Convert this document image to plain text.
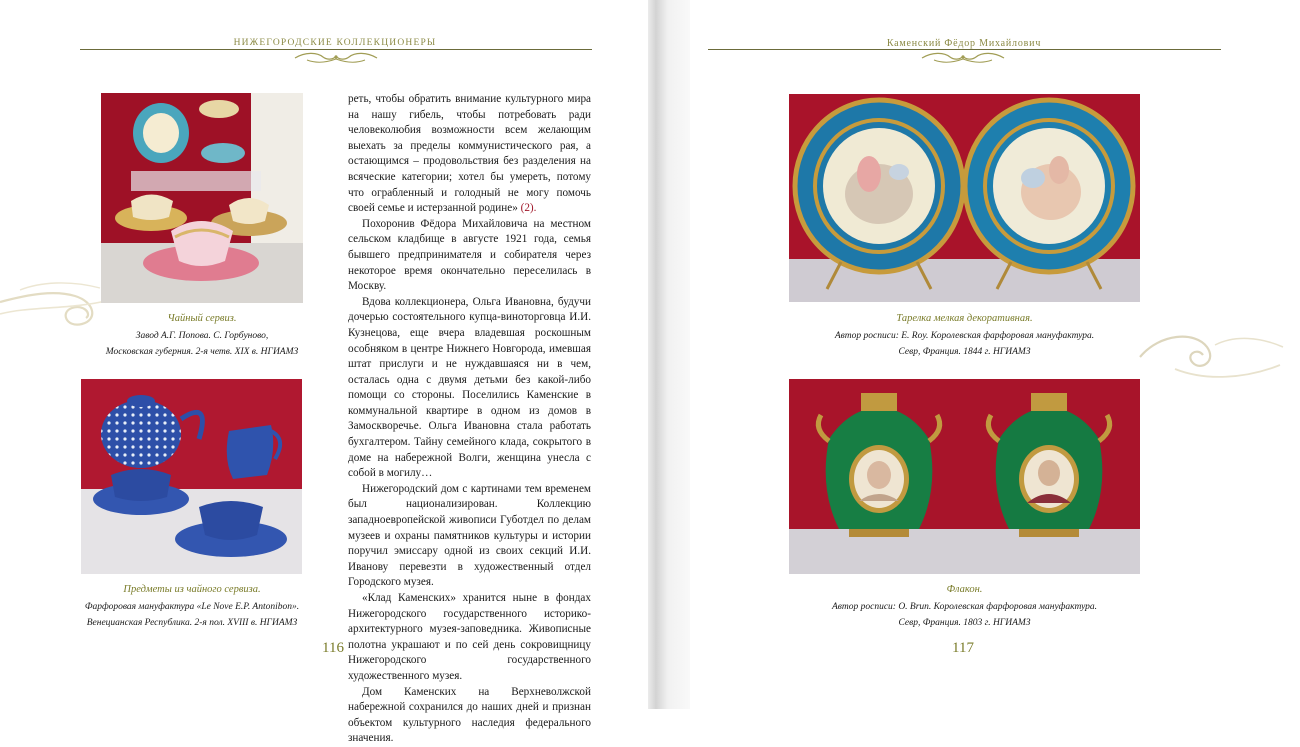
НИЖЕГОРОДСКИЕ КОЛЛЕКЦИОНЕРЫ
Чайный сервиз.
Завод А.Г. Попова. С. Горбуново,
Московская губерния. 2-я четв. XIX в. НГИАМЗ
Предметы из чайного сервиза.
Фарфоровая мануфактура «Le Nove E.P. Antonibon».
Венецианская Республика. 2-я пол. XVIII в. НГИАМЗ

реть, чтобы обратить внимание культурного мира на нашу гибель, чтобы потребовать ради человеколюбия возможности всем желающим выехать за пределы коммунистического рая, а остающимся – продовольствия без разделения на всяческие категории; хотел бы умереть, потому что ограбленный и голодный не могу помочь своей семье и истерзанной родине» (2).

Похоронив Фёдора Михайловича на местном сельском кладбище в августе 1921 года, семья бывшего предпринимателя и собирателя через некоторое время окончательно переселилась в Москву.

Вдова коллекционера, Ольга Ивановна, будучи дочерью состоятельного купца-виноторговца И.И. Кузнецова, еще вчера владевшая роскошным особняком в центре Нижнего Новгорода, имевшая штат прислуги и не нуждавшаяся ни в чем, осталась одна с двумя детьми без какой-либо помощи со стороны. Поселились Каменские в коммунальной квартире в одном из домов в Замоскворечье. Ольга Ивановна стала работать бухгалтером. Тайну семейного клада, сокрытого в доме на набережной Волги, женщина унесла с собой в могилу…

Нижегородский дом с картинами тем временем был национализирован. Коллекцию западноевропейской живописи Губотдел по делам музеев и охраны памятников культуры и истории поручил эмиссару одной из своих секций И.И. Иванову перевезти в художественный отдел Городского музея.

«Клад Каменских» хранится ныне в фондах Нижегородского государственного историко-архитектурного музея-заповедника. Живописные полотна украшают и по сей день сокровищницу Нижегородского государственного художественного музея.

Дом Каменских на Верхневолжской набережной сохранился до наших дней и признан объектом культурного наследия федерального значения.

116
Каменский Фёдор Михайлович
Тарелка мелкая декоративная.
Автор росписи: E. Roy. Королевская фарфоровая мануфактура.
Севр, Франция. 1844 г. НГИАМЗ
Флакон.
Автор росписи: O. Brun. Королевская фарфоровая мануфактура.
Севр, Франция. 1803 г. НГИАМЗ
117
